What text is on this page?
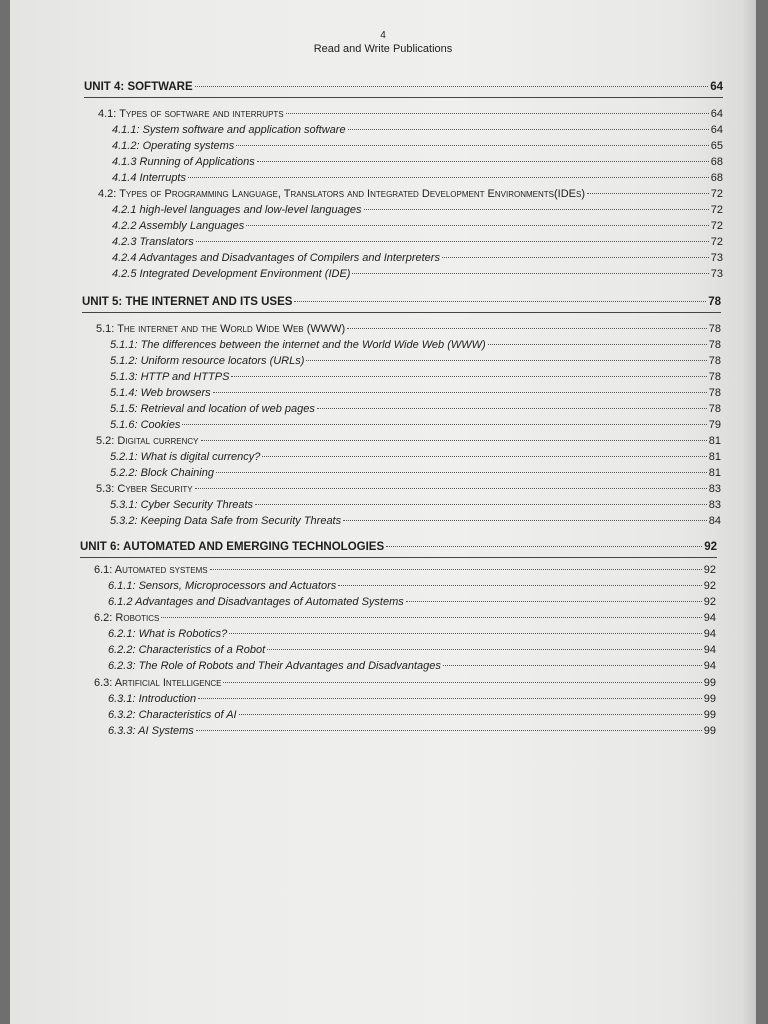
4
Read and Write Publications
UNIT 4: SOFTWARE	64
4.1: Types of software and interrupts	64
4.1.1: System software and application software	64
4.1.2: Operating systems	65
4.1.3 Running of Applications	68
4.1.4 Interrupts	68
4.2: Types of Programming Language, Translators and Integrated Development Environments(IDEs)	72
4.2.1 high-level languages and low-level languages	72
4.2.2 Assembly Languages	72
4.2.3 Translators	72
4.2.4 Advantages and Disadvantages of Compilers and Interpreters	73
4.2.5 Integrated Development Environment (IDE)	73
UNIT 5: THE INTERNET AND ITS USES	78
5.1: The internet and the World Wide Web (WWW)	78
5.1.1: The differences between the internet and the World Wide Web (WWW)	78
5.1.2: Uniform resource locators (URLs)	78
5.1.3: HTTP and HTTPS	78
5.1.4: Web browsers	78
5.1.5: Retrieval and location of web pages	78
5.1.6: Cookies	79
5.2: Digital currency	81
5.2.1: What is digital currency?	81
5.2.2: Block Chaining	81
5.3: Cyber Security	83
5.3.1: Cyber Security Threats	83
5.3.2: Keeping Data Safe from Security Threats	84
UNIT 6: AUTOMATED AND EMERGING TECHNOLOGIES	92
6.1: Automated systems	92
6.1.1: Sensors, Microprocessors and Actuators	92
6.1.2 Advantages and Disadvantages of Automated Systems	92
6.2: Robotics	94
6.2.1: What is Robotics?	94
6.2.2: Characteristics of a Robot	94
6.2.3: The Role of Robots and Their Advantages and Disadvantages	94
6.3: Artificial Intelligence	99
6.3.1: Introduction	99
6.3.2: Characteristics of AI	99
6.3.3: AI Systems	99
